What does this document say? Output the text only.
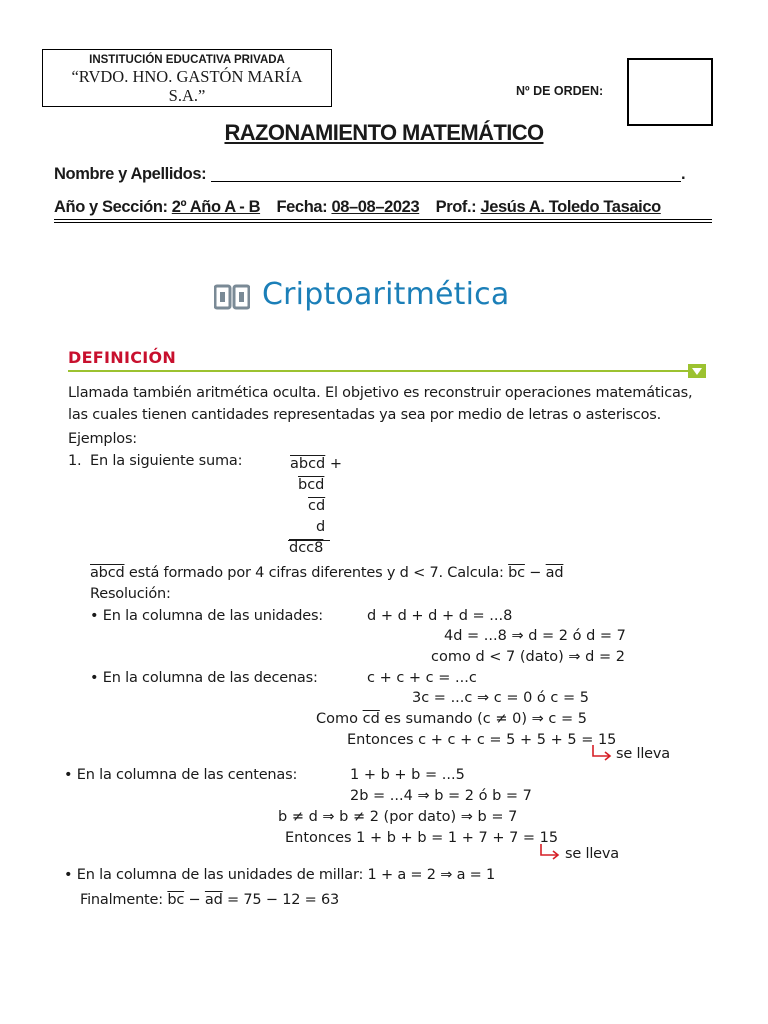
INSTITUCIÓN EDUCATIVA PRIVADA
“RVDO. HNO. GASTÓN MARÍA
S.A.”	Nº DE ORDEN:
RAZONAMIENTO MATEMÁTICO
Nombre y Apellidos:	.
Año y Sección: 2º Año A - B Fecha: 08–08–2023 Prof.: Jesús A. Toledo Tasaico
Criptoaritmética
DEFINICIÓN
Llamada también aritmética oculta. El objetivo es reconstruir operaciones matemáticas,
las cuales tienen cantidades representadas ya sea por medio de letras o asteriscos.
Ejemplos:
1. En la siguiente suma:	abcd +
$\overline{bcd}$
$\overline{cd}$
d
dcc8
abcd está formado por 4 cifras diferentes y d < 7. Calcula: $\overline{bc} - \overline{ad}$
Resolución:
• En la columna de las unidades:	d + d + d + d = ...8
4d = ...8 ⇒ d = 2 ó d = 7
como d < 7 (dato) ⇒ d = 2
• En la columna de las decenas:	c + c + c = ...c
3c = ...c ⇒ c = 0 ó c = 5
Como $\overline{cd}$ es sumando (c ≠ 0) ⇒ c = 5
Entonces c + c + c = 5 + 5 + 5 = 15
se lleva
• En la columna de las centenas:	1 + b + b = ...5
2b = ...4 ⇒ b = 2 ó b = 7
b ≠ d ⇒ b ≠ 2 (por dato) ⇒ b = 7
Entonces 1 + b + b = 1 + 7 + 7 = 15
se lleva
• En la columna de las unidades de millar: 1 + a = 2 ⇒ a = 1
Finalmente: $\overline{bc} - \overline{ad} = 75 - 12 = 63$
